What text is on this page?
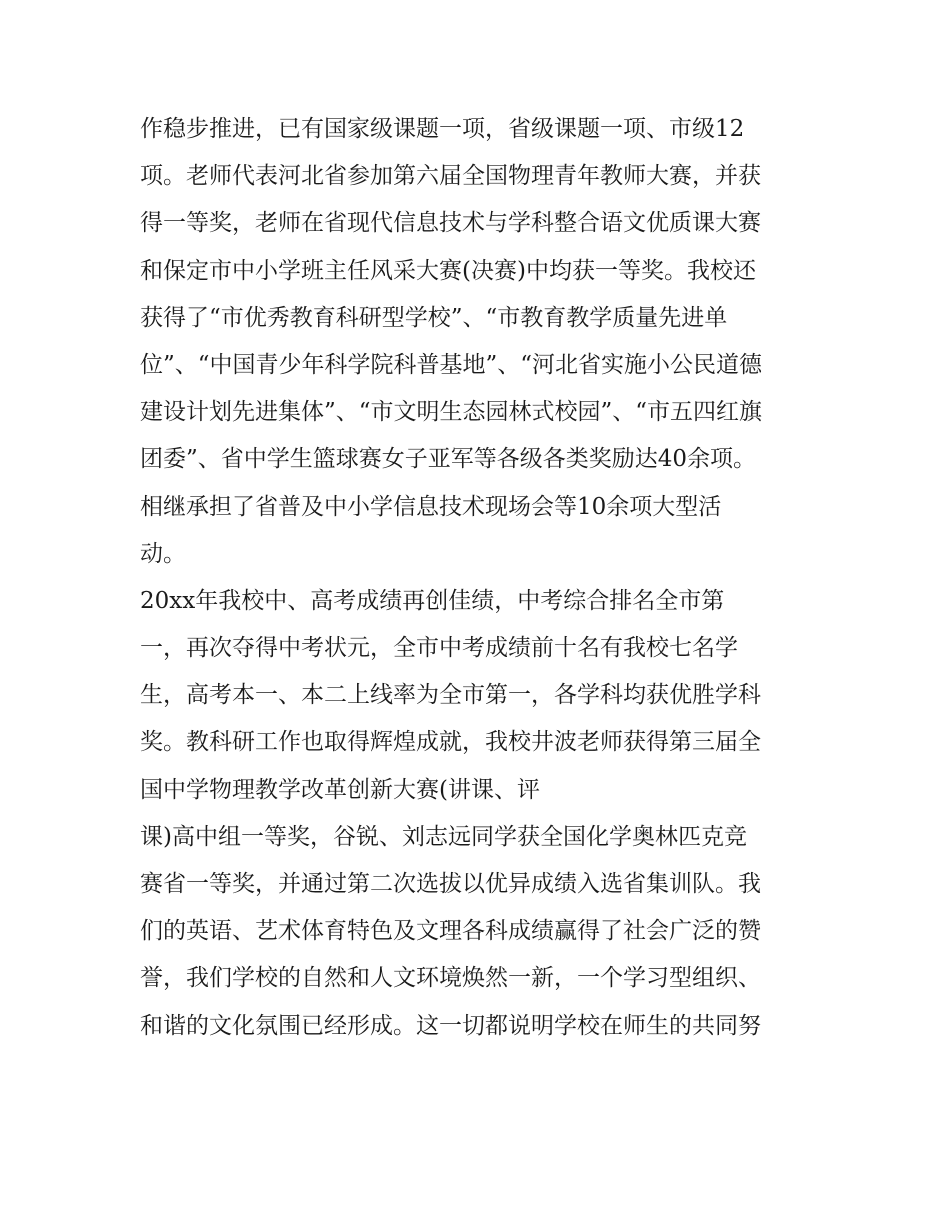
作稳步推进，已有国家级课题一项，省级课题一项、市级12
项。老师代表河北省参加第六届全国物理青年教师大赛，并获
得一等奖，老师在省现代信息技术与学科整合语文优质课大赛
和保定市中小学班主任风采大赛(决赛)中均获一等奖。我校还
获得了“市优秀教育科研型学校”、“市教育教学质量先进单
位”、“中国青少年科学院科普基地”、“河北省实施小公民道德
建设计划先进集体”、“市文明生态园林式校园”、“市五四红旗
团委”、省中学生篮球赛女子亚军等各级各类奖励达40余项。
相继承担了省普及中小学信息技术现场会等10余项大型活
动。
20xx年我校中、高考成绩再创佳绩，中考综合排名全市第
一，再次夺得中考状元，全市中考成绩前十名有我校七名学
生，高考本一、本二上线率为全市第一，各学科均获优胜学科
奖。教科研工作也取得辉煌成就，我校井波老师获得第三届全
国中学物理教学改革创新大赛(讲课、评
课)高中组一等奖，谷锐、刘志远同学获全国化学奥林匹克竞
赛省一等奖，并通过第二次选拔以优异成绩入选省集训队。我
们的英语、艺术体育特色及文理各科成绩赢得了社会广泛的赞
誉，我们学校的自然和人文环境焕然一新，一个学习型组织、
和谐的文化氛围已经形成。这一切都说明学校在师生的共同努
